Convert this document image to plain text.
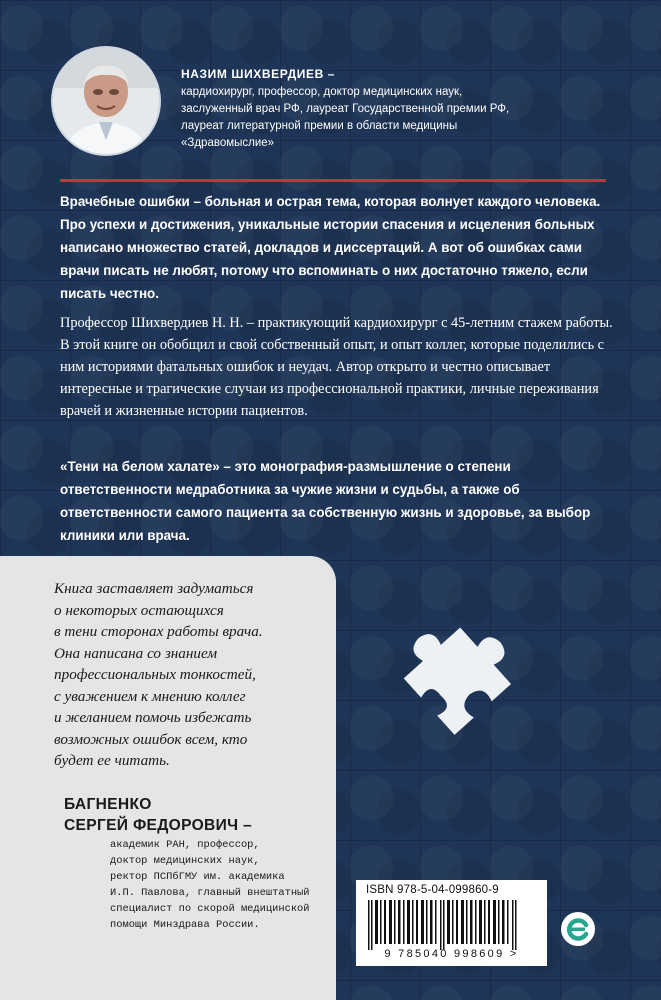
НАЗИМ ШИХВЕРДИЕВ –
кардиохирург, профессор, доктор медицинских наук,
заслуженный врач РФ, лауреат Государственной премии РФ,
лауреат литературной премии в области медицины
«Здравомыслие»
Врачебные ошибки – больная и острая тема, которая волнует каждого человека. Про успехи и достижения, уникальные истории спасения и исцеления больных написано множество статей, докладов и диссертаций. А вот об ошибках сами врачи писать не любят, потому что вспоминать о них достаточно тяжело, если писать честно.
Профессор Шихвердиев Н. Н. – практикующий кардиохирург с 45-летним стажем работы. В этой книге он обобщил и свой собственный опыт, и опыт коллег, которые поделились с ним историями фатальных ошибок и неудач. Автор открыто и честно описывает интересные и трагические случаи из профессиональной практики, личные переживания врачей и жизненные истории пациентов.
«Тени на белом халате» – это монография-размышление о степени ответственности медработника за чужие жизни и судьбы, а также об ответственности самого пациента за собственную жизнь и здоровье, за выбор клиники или врача.
Книга заставляет задуматься
о некоторых остающихся
в тени сторонах работы врача.
Она написана со знанием
профессиональных тонкостей,
с уважением к мнению коллег
и желанием помочь избежать
возможных ошибок всем, кто
будет ее читать.
БАГНЕНКО
СЕРГЕЙ ФЕДОРОВИЧ –
академик РАН, профессор,
доктор медицинских наук,
ректор ПСПбГМУ им. академика
И.П. Павлова, главный внештатный
специалист по скорой медицинской
помощи Минздрава России.
ISBN 978-5-04-099860-9
9 785040 998609 >
